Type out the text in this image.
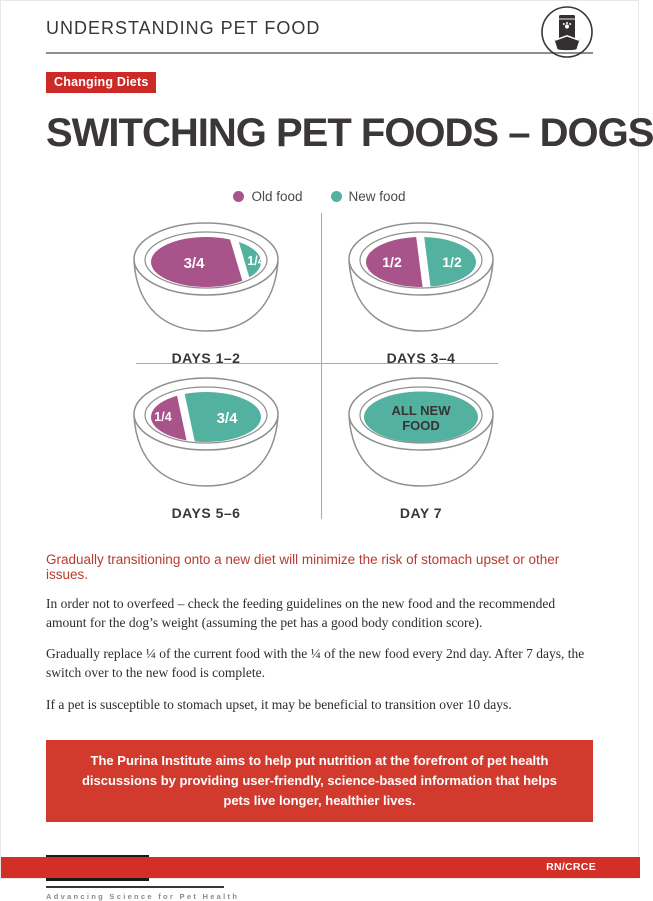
UNDERSTANDING PET FOOD
Changing Diets
SWITCHING PET FOODS – DOGS
Old food	New food
3/4	1/4
DAYS 1–2
1/2	1/2
DAYS 3–4
1/4	3/4
DAYS 5–6
ALL NEW
FOOD
DAY 7
Gradually transitioning onto a new diet will minimize the risk of stomach upset or other issues.

In order not to overfeed – check the feeding guidelines on the new food and the recommended amount for the dog’s weight (assuming the pet has a good body condition score).

Gradually replace ¼ of the current food with the ¼ of the new food every 2nd day. After 7 days, the switch over to the new food is complete.

If a pet is susceptible to stomach upset, it may be beneficial to transition over 10 days.

The Purina Institute aims to help put nutrition at the forefront of pet health discussions by providing user-friendly, science-based information that helps pets live longer, healthier lives.
Advancing Science for Pet Health
RN/CRCE
